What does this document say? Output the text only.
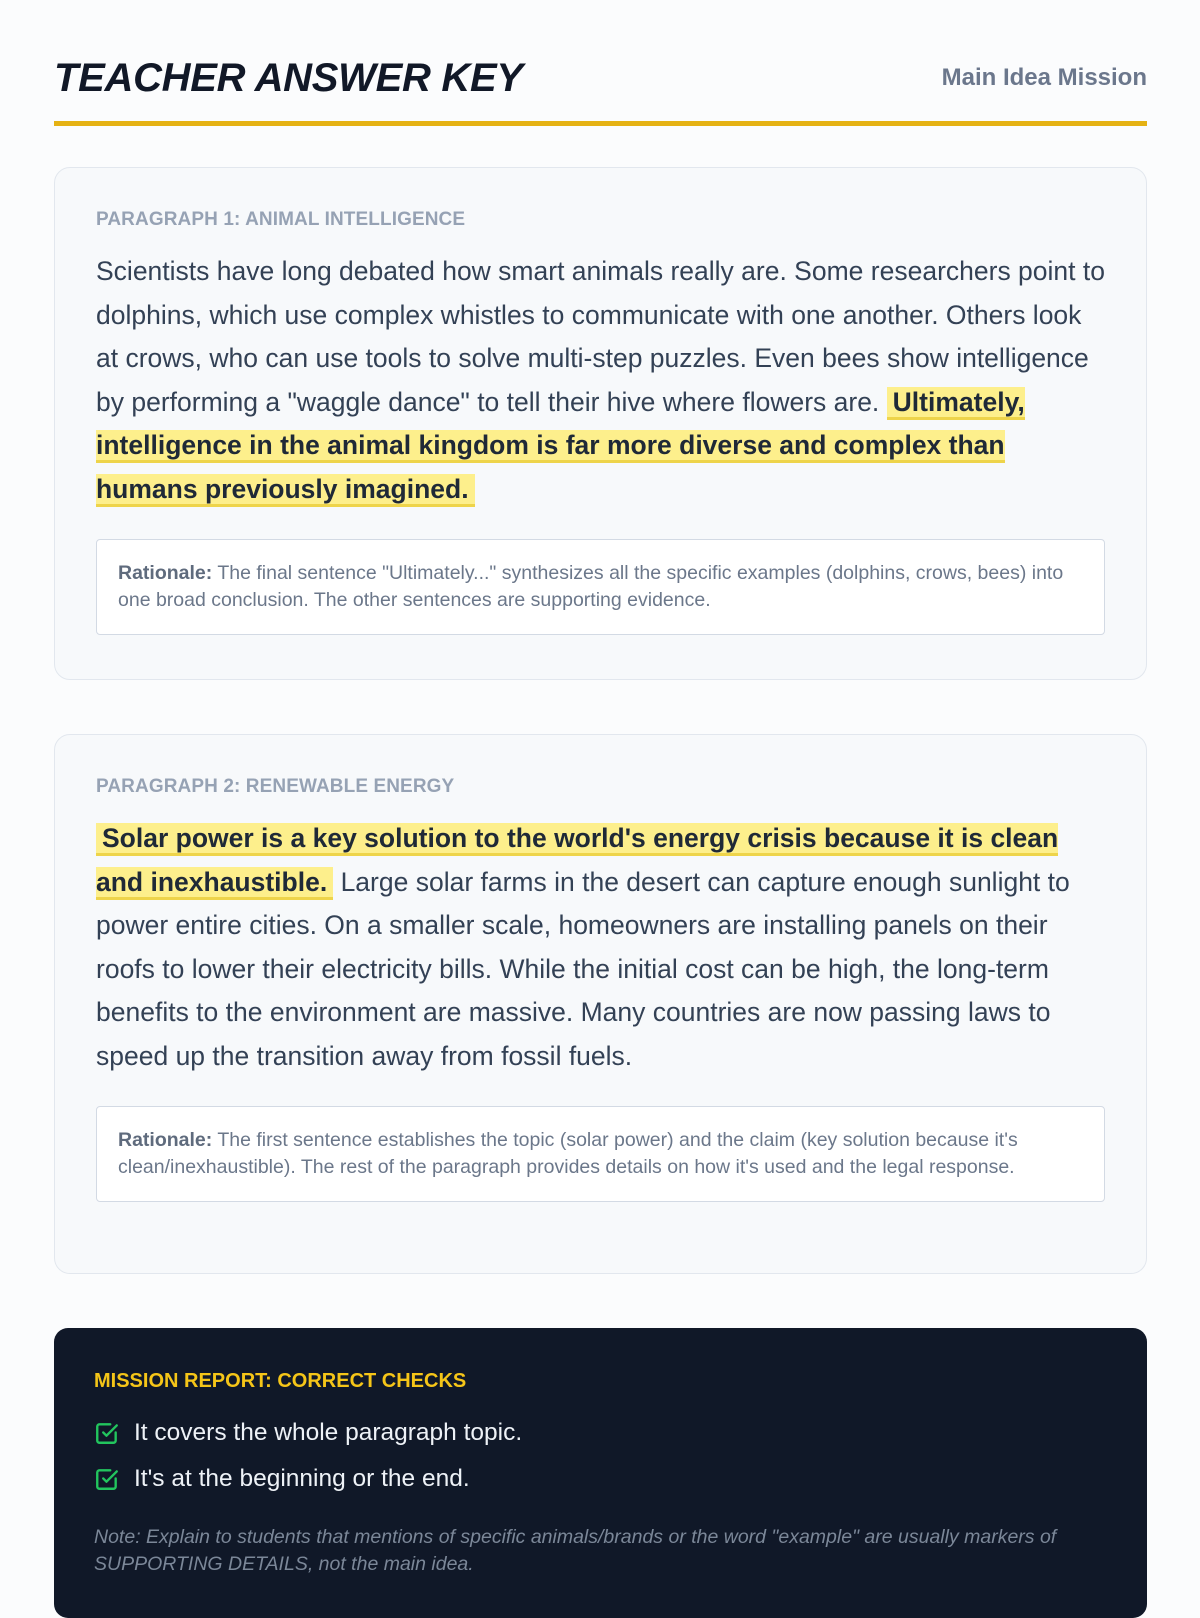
TEACHER ANSWER KEY	Main Idea Mission
PARAGRAPH 1: ANIMAL INTELLIGENCE

Scientists have long debated how smart animals really are. Some researchers point to dolphins, which use complex whistles to communicate with one another. Others look at crows, who can use tools to solve multi-step puzzles. Even bees show intelligence by performing a "waggle dance" to tell their hive where flowers are. Ultimately, intelligence in the animal kingdom is far more diverse and complex than humans previously imagined.

Rationale: The final sentence "Ultimately..." synthesizes all the specific examples (dolphins, crows, bees) into one broad conclusion. The other sentences are supporting evidence.
PARAGRAPH 2: RENEWABLE ENERGY

Solar power is a key solution to the world's energy crisis because it is clean and inexhaustible. Large solar farms in the desert can capture enough sunlight to power entire cities. On a smaller scale, homeowners are installing panels on their roofs to lower their electricity bills. While the initial cost can be high, the long-term benefits to the environment are massive. Many countries are now passing laws to speed up the transition away from fossil fuels.

Rationale: The first sentence establishes the topic (solar power) and the claim (key solution because it's clean/inexhaustible). The rest of the paragraph provides details on how it's used and the legal response.
MISSION REPORT: CORRECT CHECKS
It covers the whole paragraph topic.
It's at the beginning or the end.
Note: Explain to students that mentions of specific animals/brands or the word "example" are usually markers of SUPPORTING DETAILS, not the main idea.
